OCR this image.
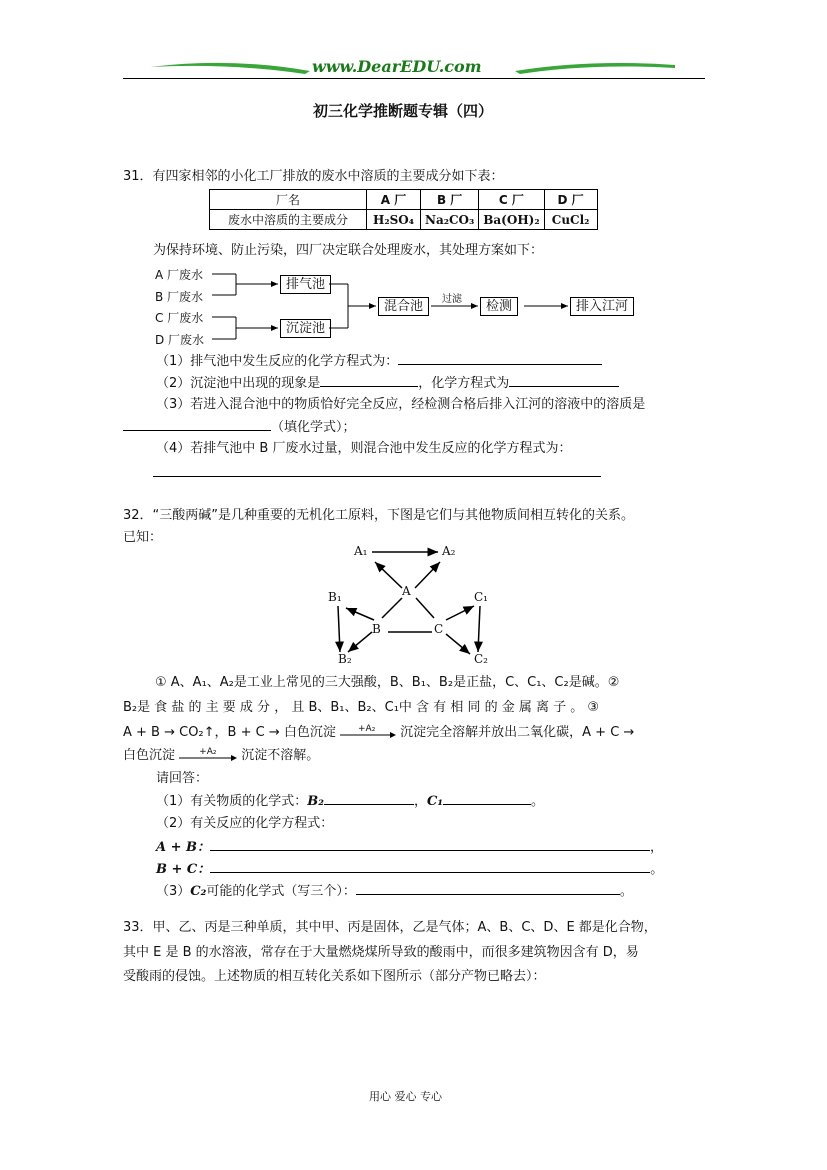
www.DearEDU.com
初三化学推断题专辑（四）
31．有四家相邻的小化工厂排放的废水中溶质的主要成分如下表：
厂名	A 厂	B 厂	C 厂	D 厂
废水中溶质的主要成分	H₂SO₄	Na₂CO₃	Ba(OH)₂	CuCl₂
为保持环境、防止污染，四厂决定联合处理废水，其处理方案如下：
A 厂废水
B 厂废水
C 厂废水
D 厂废水
排气池
沉淀池
混合池	过滤	检测	排入江河
（1）排气池中发生反应的化学方程式为：
（2）沉淀池中出现的现象是	，化学方程式为
（3）若进入混合池中的物质恰好完全反应，经检测合格后排入江河的溶液中的溶质是
（填化学式）；
（4）若排气池中 B 厂废水过量，则混合池中发生反应的化学方程式为：
32．“三酸两碱”是几种重要的无机化工原料，下图是它们与其他物质间相互转化的关系。
已知：
A₁	A₂
A
B₁
B	C
C₁
B₂	C₂
① A、A₁、A₂是工业上常见的三大强酸，B、B₁、B₂是正盐，C、C₁、C₂是碱。②
B₂是 食 盐 的 主 要 成 分 ， 且 B、B₁、B₂、C₁中 含 有 相 同 的 金 属 离 子 。 ③
A + B → CO₂↑，B + C → 白色沉淀 +A₂ 沉淀完全溶解并放出二氧化碳，A + C →
白色沉淀	+A₂ 沉淀不溶解。
请回答：
（1）有关物质的化学式：B₂	，C₁	。
（2）有关反应的化学方程式：
A + B：	，
B + C：	。
（3）C₂可能的化学式（写三个）：	。
33．甲、乙、丙是三种单质，其中甲、丙是固体，乙是气体；A、B、C、D、E 都是化合物，
其中 E 是 B 的水溶液，常存在于大量燃烧煤所导致的酸雨中，而很多建筑物因含有 D，易
受酸雨的侵蚀。上述物质的相互转化关系如下图所示（部分产物已略去）：
用心 爱心 专心
